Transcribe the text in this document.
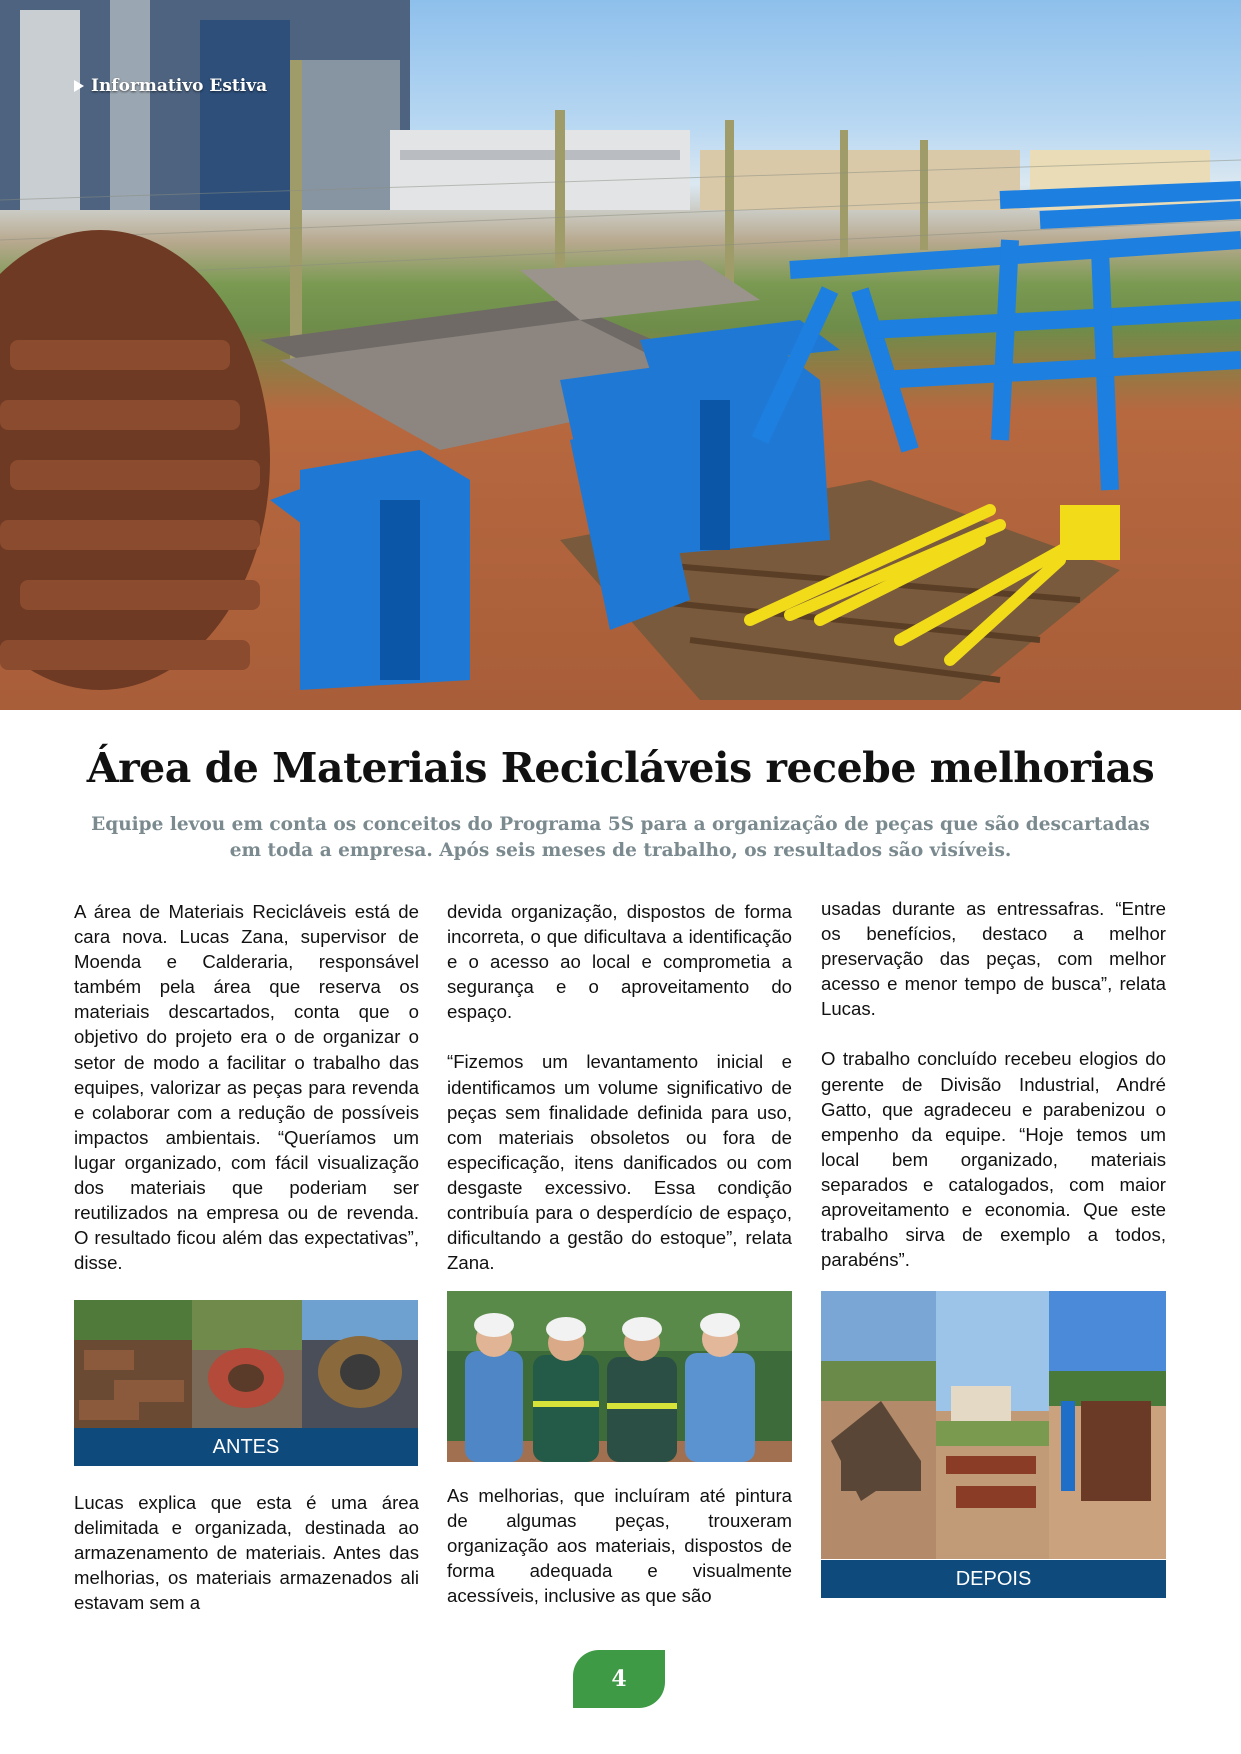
Informativo Estiva
Área de Materiais Recicláveis recebe melhorias

Equipe levou em conta os conceitos do Programa 5S para a organização de peças que são descartadas em toda a empresa. Após seis meses de trabalho, os resultados são visíveis.

A área de Materiais Recicláveis está de cara nova. Lucas Zana, supervisor de Moenda e Calderaria, responsável também pela área que reserva os materiais descartados, conta que o objetivo do projeto era o de organizar o setor de modo a facilitar o trabalho das equipes, valorizar as peças para revenda e colaborar com a redução de possíveis impactos ambientais. “Queríamos um lugar organizado, com fácil visualização dos materiais que poderiam ser reutilizados na empresa ou de revenda. O resultado ficou além das expectativas”, disse.

ANTES

Lucas explica que esta é uma área delimitada e organizada, destinada ao armazenamento de materiais. Antes das melhorias, os materiais armazenados ali estavam sem a

devida organização, dispostos de forma incorreta, o que dificultava a identificação e o acesso ao local e comprometia a segurança e o aproveitamento do espaço.

“Fizemos um levantamento inicial e identificamos um volume significativo de peças sem finalidade definida para uso, com materiais obsoletos ou fora de especificação, itens danificados ou com desgaste excessivo. Essa condição contribuía para o desperdício de espaço, dificultando a gestão do estoque”, relata Zana.

As melhorias, que incluíram até pintura de algumas peças, trouxeram organização aos materiais, dispostos de forma adequada e visualmente acessíveis, inclusive as que são

usadas durante as entressafras. “Entre os benefícios, destaco a melhor preservação das peças, com melhor acesso e menor tempo de busca”, relata Lucas.

O trabalho concluído recebeu elogios do gerente de Divisão Industrial, André Gatto, que agradeceu e parabenizou o empenho da equipe. “Hoje temos um local bem organizado, materiais separados e catalogados, com maior aproveitamento e economia. Que este trabalho sirva de exemplo a todos, parabéns”.

DEPOIS
4
